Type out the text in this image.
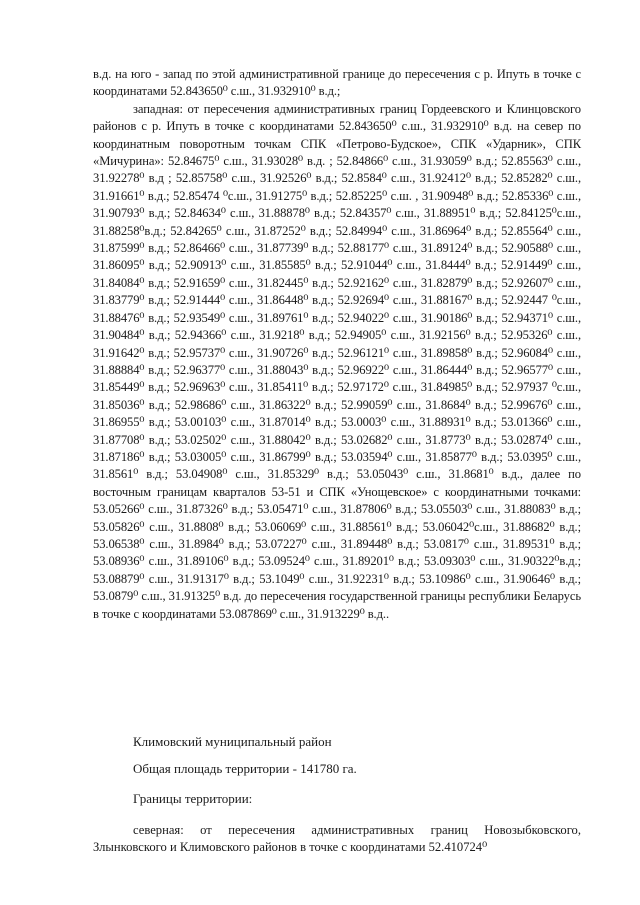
в.д. на юго - запад по этой административной границе до пересечения с р. Ипуть в точке с координатами 52.843650⁰ с.ш., 31.932910⁰ в.д.;

западная: от пересечения административных границ Гордеевского и Клинцовского районов с р. Ипуть в точке с координатами 52.843650⁰ с.ш., 31.932910⁰ в.д. на север по координатным поворотным точкам СПК «Петрово-Будское», СПК «Ударник», СПК «Мичурина»: 52.84675⁰ с.ш., 31.93028⁰ в.д. ; 52.84866⁰ с.ш., 31.93059⁰ в.д.; 52.85563⁰ с.ш., 31.92278⁰ в.д ; 52.85758⁰ с.ш., 31.92526⁰ в.д.; 52.8584⁰ с.ш., 31.92412⁰ в.д.; 52.85282⁰ с.ш., 31.91661⁰ в.д.; 52.85474 ⁰с.ш., 31.91275⁰ в.д.; 52.85225⁰ с.ш. , 31.90948⁰ в.д.; 52.85336⁰ с.ш., 31.90793⁰ в.д.; 52.84634⁰ с.ш., 31.88878⁰ в.д.; 52.84357⁰ с.ш., 31.88951⁰ в.д.; 52.84125⁰с.ш., 31.88258⁰в.д.; 52.84265⁰ с.ш., 31.87252⁰ в.д.; 52.84994⁰ с.ш., 31.86964⁰ в.д.; 52.85564⁰ с.ш., 31.87599⁰ в.д.; 52.86466⁰ с.ш., 31.87739⁰ в.д.; 52.88177⁰ с.ш., 31.89124⁰ в.д.; 52.90588⁰ с.ш., 31.86095⁰ в.д.; 52.90913⁰ с.ш., 31.85585⁰ в.д.; 52.91044⁰ с.ш., 31.8444⁰ в.д.; 52.91449⁰ с.ш., 31.84084⁰ в.д.; 52.91659⁰ с.ш., 31.82445⁰ в.д.; 52.92162⁰ с.ш., 31.82879⁰ в.д.; 52.92607⁰ с.ш., 31.83779⁰ в.д.; 52.91444⁰ с.ш., 31.86448⁰ в.д.; 52.92694⁰ с.ш., 31.88167⁰ в.д.; 52.92447 ⁰с.ш., 31.88476⁰ в.д.; 52.93549⁰ с.ш., 31.89761⁰ в.д.; 52.94022⁰ с.ш., 31.90186⁰ в.д.; 52.94371⁰ с.ш., 31.90484⁰ в.д.; 52.94366⁰ с.ш., 31.9218⁰ в.д.; 52.94905⁰ с.ш., 31.92156⁰ в.д.; 52.95326⁰ с.ш., 31.91642⁰ в.д.; 52.95737⁰ с.ш., 31.90726⁰ в.д.; 52.96121⁰ с.ш., 31.89858⁰ в.д.; 52.96084⁰ с.ш., 31.88884⁰ в.д.; 52.96377⁰ с.ш., 31.88043⁰ в.д.; 52.96922⁰ с.ш., 31.86444⁰ в.д.; 52.96577⁰ с.ш., 31.85449⁰ в.д.; 52.96963⁰ с.ш., 31.85411⁰ в.д.; 52.97172⁰ с.ш., 31.84985⁰ в.д.; 52.97937 ⁰с.ш., 31.85036⁰ в.д.; 52.98686⁰ с.ш., 31.86322⁰ в.д.; 52.99059⁰ с.ш., 31.8684⁰ в.д.; 52.99676⁰ с.ш., 31.86955⁰ в.д.; 53.00103⁰ с.ш., 31.87014⁰ в.д.; 53.0003⁰ с.ш., 31.88931⁰ в.д.; 53.01366⁰ с.ш., 31.87708⁰ в.д.; 53.02502⁰ с.ш., 31.88042⁰ в.д.; 53.02682⁰ с.ш., 31.8773⁰ в.д.; 53.02874⁰ с.ш., 31.87186⁰ в.д.; 53.03005⁰ с.ш., 31.86799⁰ в.д.; 53.03594⁰ с.ш., 31.85877⁰ в.д.; 53.0395⁰ с.ш., 31.8561⁰ в.д.; 53.04908⁰ с.ш., 31.85329⁰ в.д.; 53.05043⁰ с.ш., 31.8681⁰ в.д., далее по восточным границам кварталов 53-51 и СПК «Унощевское» с координатными точками: 53.05266⁰ с.ш., 31.87326⁰ в.д.; 53.05471⁰ с.ш., 31.87806⁰ в.д.; 53.05503⁰ с.ш., 31.88083⁰ в.д.; 53.05826⁰ с.ш., 31.8808⁰ в.д.; 53.06069⁰ с.ш., 31.88561⁰ в.д.; 53.06042⁰с.ш., 31.88682⁰ в.д.; 53.06538⁰ с.ш., 31.8984⁰ в.д.; 53.07227⁰ с.ш., 31.89448⁰ в.д.; 53.0817⁰ с.ш., 31.89531⁰ в.д.; 53.08936⁰ с.ш., 31.89106⁰ в.д.; 53.09524⁰ с.ш., 31.89201⁰ в.д.; 53.09303⁰ с.ш., 31.90322⁰в.д.; 53.08879⁰ с.ш., 31.91317⁰ в.д.; 53.1049⁰ с.ш., 31.92231⁰ в.д.; 53.10986⁰ с.ш., 31.90646⁰ в.д.; 53.0879⁰ с.ш., 31.91325⁰ в.д. до пересечения государственной границы республики Беларусь в точке с координатами 53.087869⁰ с.ш., 31.913229⁰ в.д..

Климовский муниципальный район
Общая площадь территории - 141780 га.
Границы территории:

северная: от пересечения административных границ Новозыбковского, Злынковского и Климовского районов в точке с координатами 52.410724⁰
